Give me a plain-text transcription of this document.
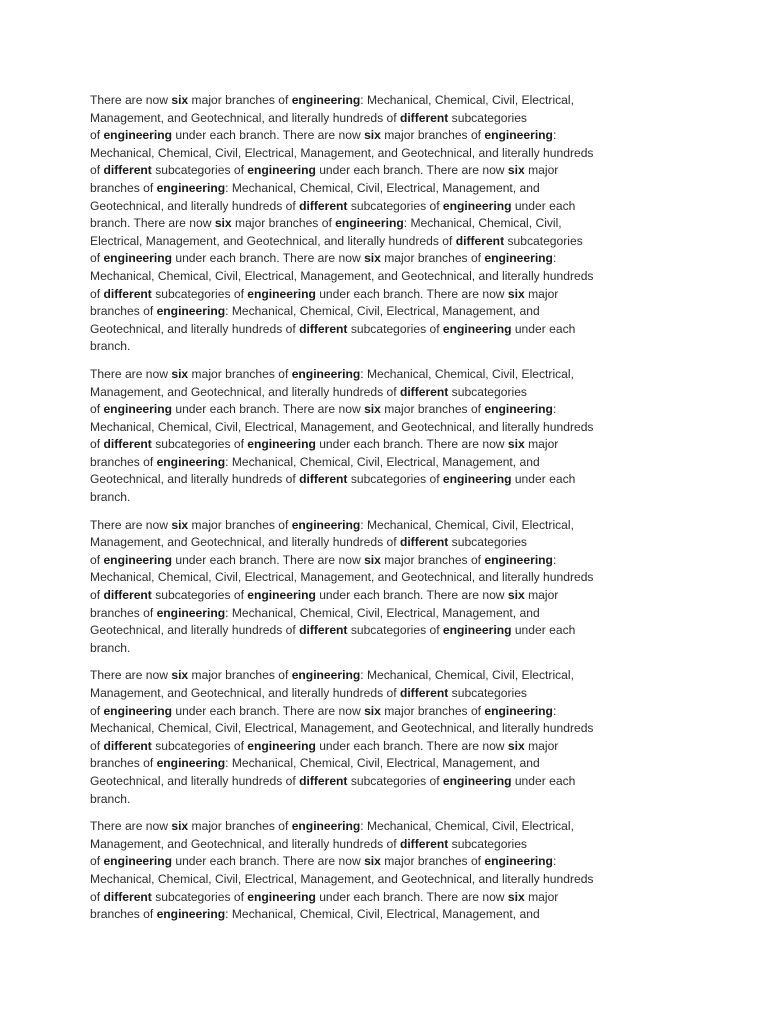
There are now six major branches of engineering: Mechanical, Chemical, Civil, Electrical,
Management, and Geotechnical, and literally hundreds of different subcategories
of engineering under each branch. There are now six major branches of engineering:
Mechanical, Chemical, Civil, Electrical, Management, and Geotechnical, and literally hundreds
of different subcategories of engineering under each branch. There are now six major
branches of engineering: Mechanical, Chemical, Civil, Electrical, Management, and
Geotechnical, and literally hundreds of different subcategories of engineering under each
branch. There are now six major branches of engineering: Mechanical, Chemical, Civil,
Electrical, Management, and Geotechnical, and literally hundreds of different subcategories
of engineering under each branch. There are now six major branches of engineering:
Mechanical, Chemical, Civil, Electrical, Management, and Geotechnical, and literally hundreds
of different subcategories of engineering under each branch. There are now six major
branches of engineering: Mechanical, Chemical, Civil, Electrical, Management, and
Geotechnical, and literally hundreds of different subcategories of engineering under each
branch.
There are now six major branches of engineering: Mechanical, Chemical, Civil, Electrical,
Management, and Geotechnical, and literally hundreds of different subcategories
of engineering under each branch. There are now six major branches of engineering:
Mechanical, Chemical, Civil, Electrical, Management, and Geotechnical, and literally hundreds
of different subcategories of engineering under each branch. There are now six major
branches of engineering: Mechanical, Chemical, Civil, Electrical, Management, and
Geotechnical, and literally hundreds of different subcategories of engineering under each
branch.
There are now six major branches of engineering: Mechanical, Chemical, Civil, Electrical,
Management, and Geotechnical, and literally hundreds of different subcategories
of engineering under each branch. There are now six major branches of engineering:
Mechanical, Chemical, Civil, Electrical, Management, and Geotechnical, and literally hundreds
of different subcategories of engineering under each branch. There are now six major
branches of engineering: Mechanical, Chemical, Civil, Electrical, Management, and
Geotechnical, and literally hundreds of different subcategories of engineering under each
branch.
There are now six major branches of engineering: Mechanical, Chemical, Civil, Electrical,
Management, and Geotechnical, and literally hundreds of different subcategories
of engineering under each branch. There are now six major branches of engineering:
Mechanical, Chemical, Civil, Electrical, Management, and Geotechnical, and literally hundreds
of different subcategories of engineering under each branch. There are now six major
branches of engineering: Mechanical, Chemical, Civil, Electrical, Management, and
Geotechnical, and literally hundreds of different subcategories of engineering under each
branch.
There are now six major branches of engineering: Mechanical, Chemical, Civil, Electrical,
Management, and Geotechnical, and literally hundreds of different subcategories
of engineering under each branch. There are now six major branches of engineering:
Mechanical, Chemical, Civil, Electrical, Management, and Geotechnical, and literally hundreds
of different subcategories of engineering under each branch. There are now six major
branches of engineering: Mechanical, Chemical, Civil, Electrical, Management, and
